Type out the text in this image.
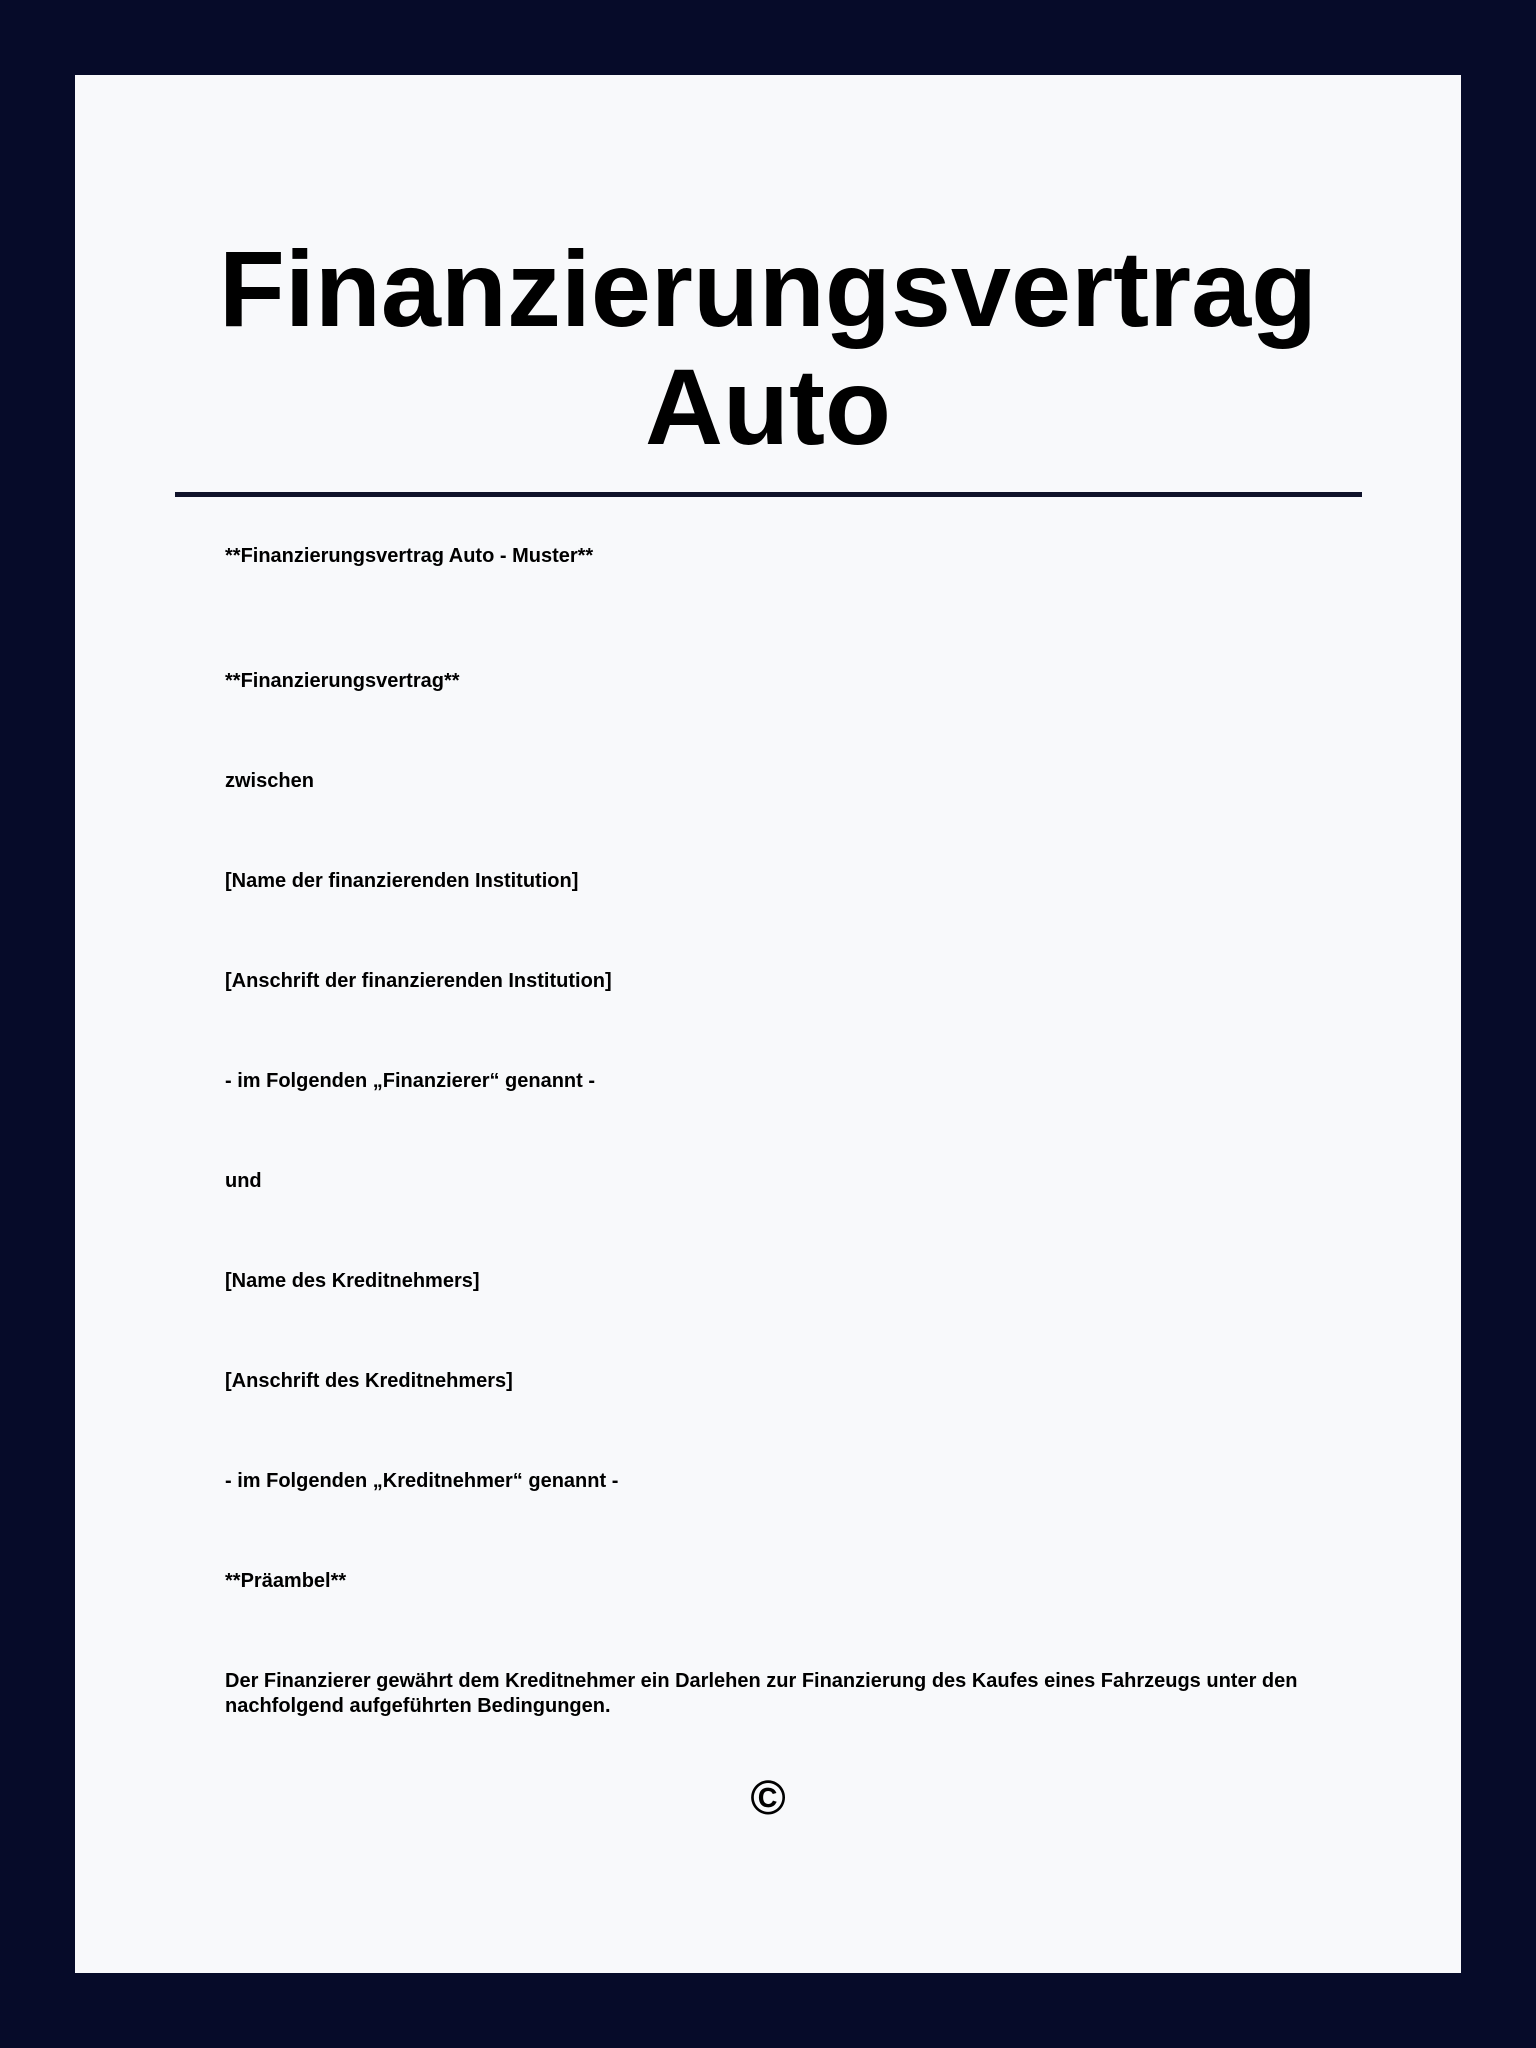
Finanzierungsvertrag
Auto

**Finanzierungsvertrag Auto - Muster**

**Finanzierungsvertrag**

zwischen

[Name der finanzierenden Institution]

[Anschrift der finanzierenden Institution]

- im Folgenden „Finanzierer“ genannt -

und

[Name des Kreditnehmers]

[Anschrift des Kreditnehmers]

- im Folgenden „Kreditnehmer“ genannt -

**Präambel**

Der Finanzierer gewährt dem Kreditnehmer ein Darlehen zur Finanzierung des Kaufes eines Fahrzeugs unter den nachfolgend aufgeführten Bedingungen.

©
